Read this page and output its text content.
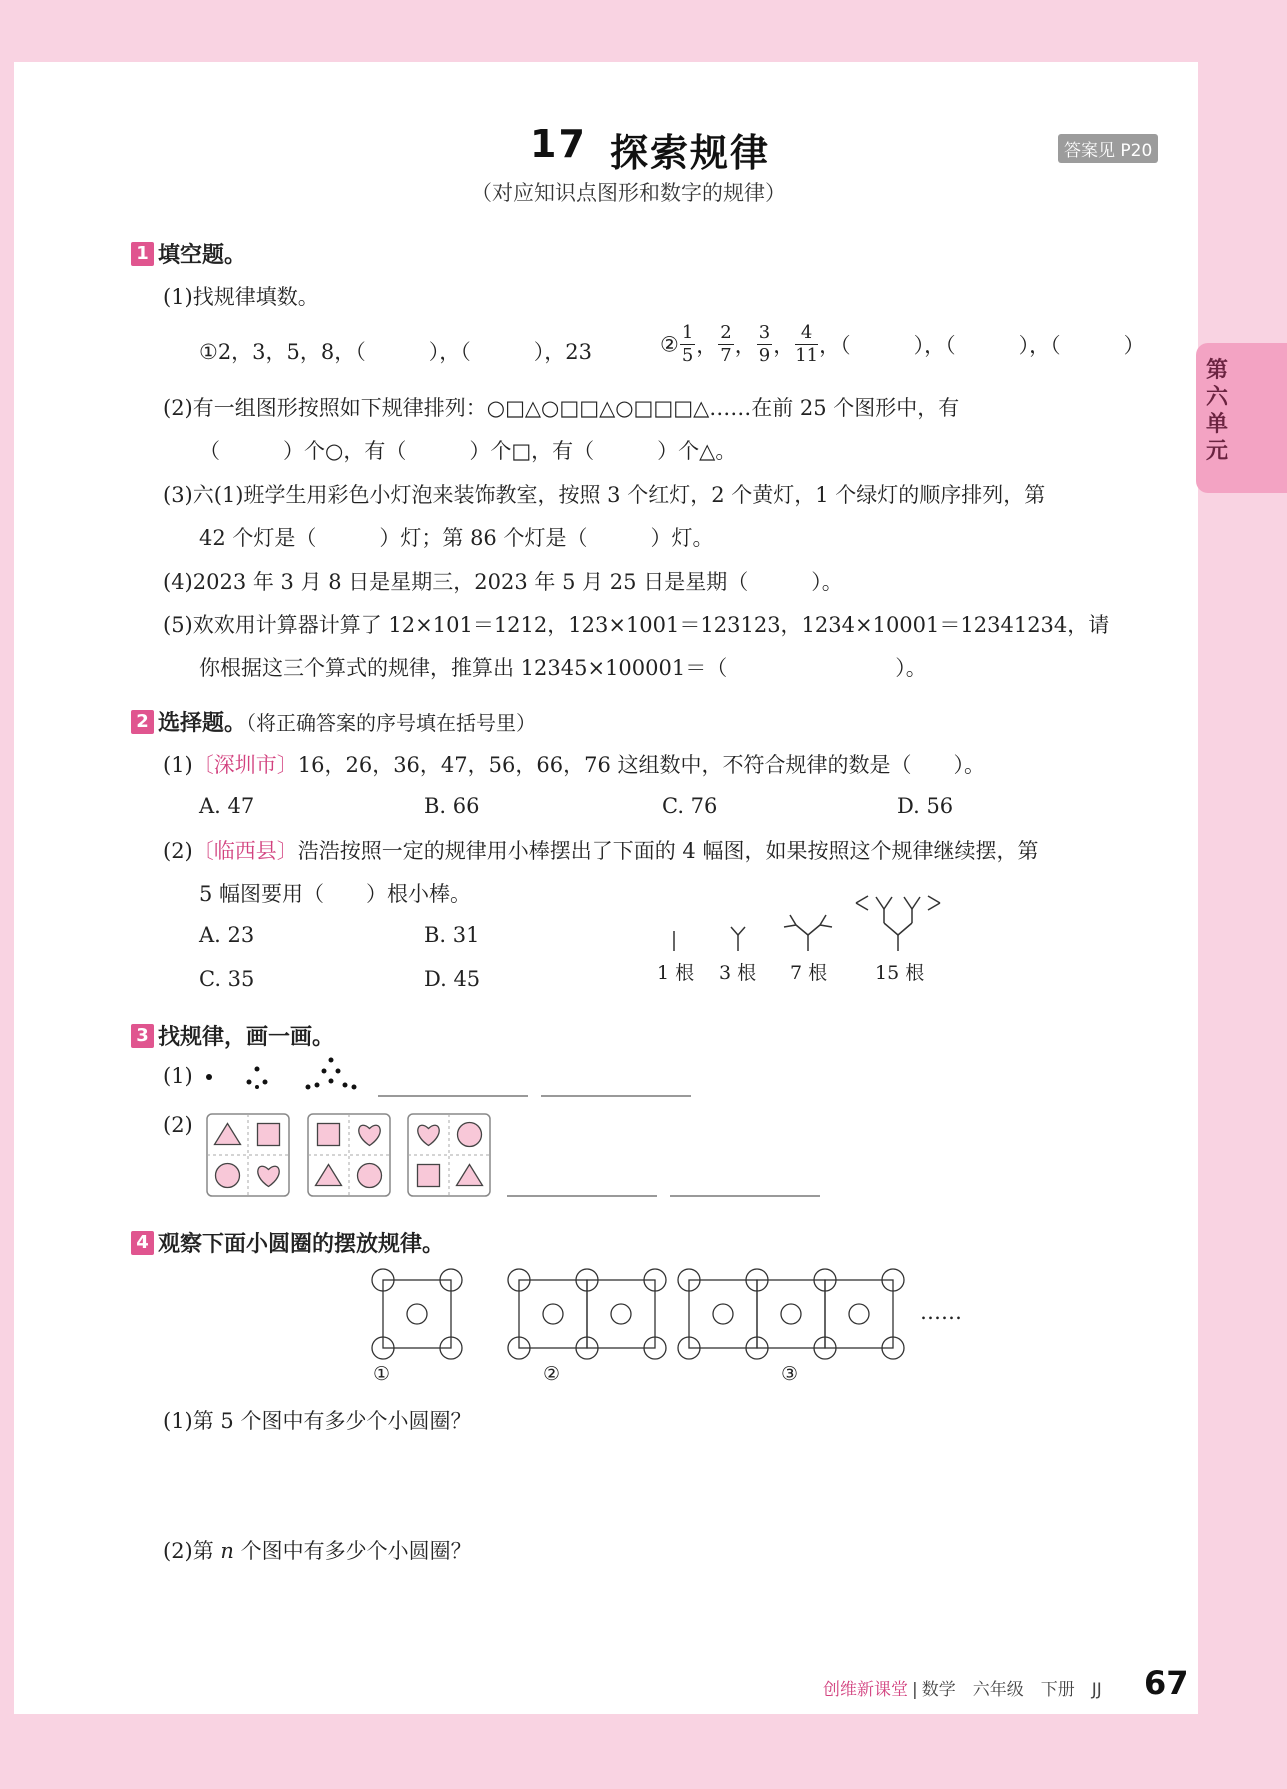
第六单元
17 探索规律	答案见 P20
（对应知识点图形和数字的规律）
1 填空题。
(1)找规律填数。
①2，3，5，8，（　　　），（　　　），23	② $\frac{1}{5}$ ， $\frac{2}{7}$ ， $\frac{3}{9}$ ， $\frac{4}{11}$ ，（　　　），（　　　），（　　　）
(2)有一组图形按照如下规律排列：○□△○□□△○□□□△……在前 25 个图形中，有
（　　　）个○，有（　　　）个□，有（　　　）个△。
(3)六(1)班学生用彩色小灯泡来装饰教室，按照 3 个红灯，2 个黄灯，1 个绿灯的顺序排列，第
42 个灯是（　　　）灯；第 86 个灯是（　　　）灯。
(4)2023 年 3 月 8 日是星期三，2023 年 5 月 25 日是星期（　　　）。
(5)欢欢用计算器计算了 12×101＝1212，123×1001＝123123，1234×10001＝12341234，请
你根据这三个算式的规律，推算出 12345×100001＝（　　　　　　　　）。
2 选择题。（将正确答案的序号填在括号里）
(1)〔深圳市〕16，26，36，47，56，66，76 这组数中，不符合规律的数是（　　）。
A. 47	B. 66	C. 76	D. 56
(2)〔临西县〕浩浩按照一定的规律用小棒摆出了下面的 4 幅图，如果按照这个规律继续摆，第
5 幅图要用（　　）根小棒。
A. 23	B. 31
C. 35	D. 45	1 根 3 根 7 根	15 根
3 找规律，画一画。
(1)
(2)
4 观察下面小圆圈的摆放规律。
……
①	②	③
(1)第 5 个图中有多少个小圆圈？
(2)第 n 个图中有多少个小圆圈？
创维新课堂 | 数学　六年级　下册　JJ 67
